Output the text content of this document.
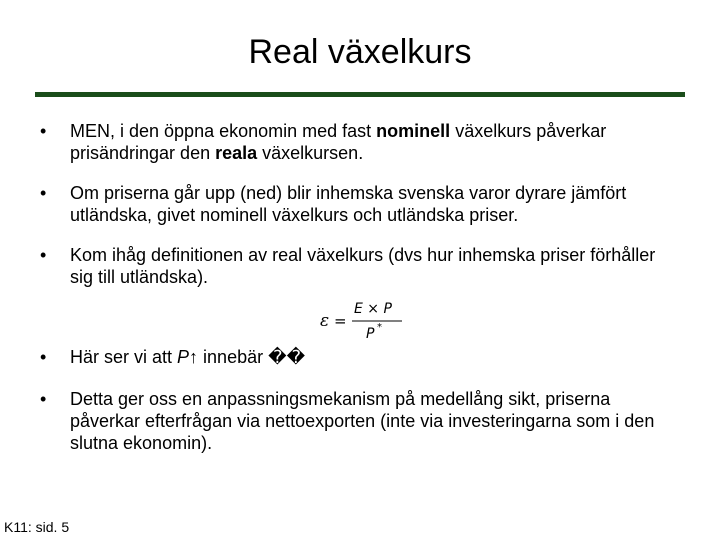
Real växelkurs
•	MEN, i den öppna ekonomin med fast nominell växelkurs påverkar prisändringar den reala växelkursen.
•	Om priserna går upp (ned) blir inhemska svenska varor dyrare jämfört utländska, givet nominell växelkurs och utländska priser.
•	Kom ihåg definitionen av real växelkurs (dvs hur inhemska priser förhåller sig till utländska).
ε =
E × P
P *
•	Här ser vi att P↑ innebär ��
•	Detta ger oss en anpassningsmekanism på medellång sikt, priserna påverkar efterfrågan via nettoexporten (inte via investeringarna som i den slutna ekonomin).
K11: sid. 5
